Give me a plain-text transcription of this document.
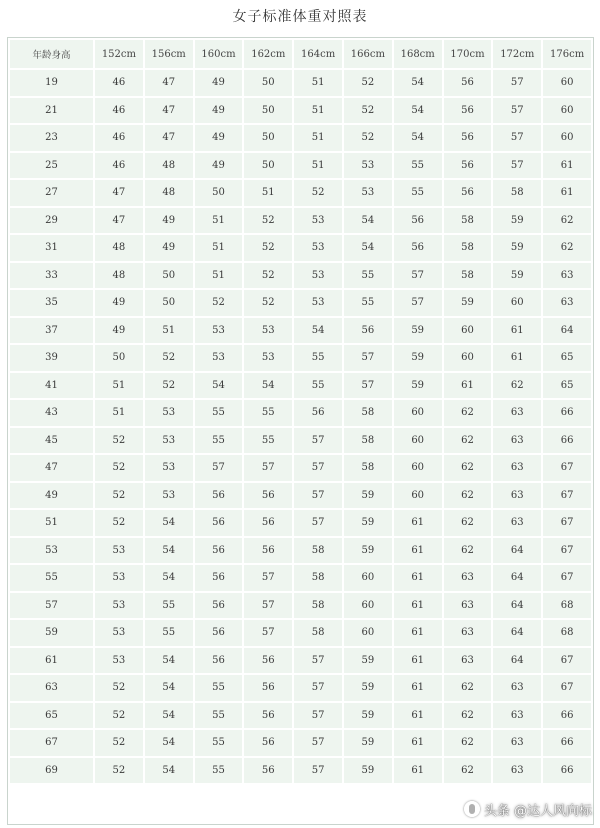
女子标准体重对照表
年龄身高	152cm	156cm	160cm	162cm	164cm	166cm	168cm	170cm	172cm	176cm
19	46	47	49	50	51	52	54	56	57	60
21	46	47	49	50	51	52	54	56	57	60
23	46	47	49	50	51	52	54	56	57	60
25	46	48	49	50	51	53	55	56	57	61
27	47	48	50	51	52	53	55	56	58	61
29	47	49	51	52	53	54	56	58	59	62
31	48	49	51	52	53	54	56	58	59	62
33	48	50	51	52	53	55	57	58	59	63
35	49	50	52	52	53	55	57	59	60	63
37	49	51	53	53	54	56	59	60	61	64
39	50	52	53	53	55	57	59	60	61	65
41	51	52	54	54	55	57	59	61	62	65
43	51	53	55	55	56	58	60	62	63	66
45	52	53	55	55	57	58	60	62	63	66
47	52	53	57	57	57	58	60	62	63	67
49	52	53	56	56	57	59	60	62	63	67
51	52	54	56	56	57	59	61	62	63	67
53	53	54	56	56	58	59	61	62	64	67
55	53	54	56	57	58	60	61	63	64	67
57	53	55	56	57	58	60	61	63	64	68
59	53	55	56	57	58	60	61	63	64	68
61	53	54	56	56	57	59	61	63	64	67
63	52	54	55	56	57	59	61	62	63	67
65	52	54	55	56	57	59	61	62	63	66
67	52	54	55	56	57	59	61	62	63	66
69	52	54	55	56	57	59	61	62	63	66
头条 @达人风向标
